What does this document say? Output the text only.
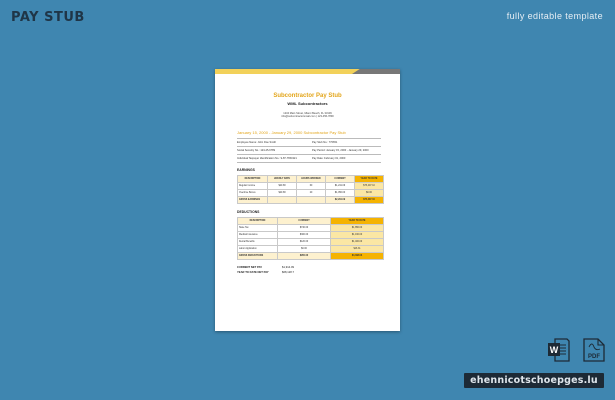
PAY STUB	fully editable template
Subcontractor Pay Stub
WML Subcontractors
1234 Main Street, Miami Beach, FL 33139
info@subcontractorsmail.com | 123-456-7890
January 15, 2000 - January 29, 2000 Subcontractor Pay Stub
Employee Name: John Doe Smith	Pay Stub No.: 770651
Social Security No.: 123-45-6789	Pay Period: January 15, 2000 - January 29, 2000
Individual Taxpayer Identification No.: 9-87-7654321	Pay Date: February 01, 2000
EARNINGS
DESCRIPTION	HOURLY RATE	HOURS WORKED	CURRENT	YEAR TO DATE
Regular Income	$20.68	60	$1,241.09	$75,407.10
Overtime Bonus	$20.68	20	$1,050.00	$0.00
GROSS EARNINGS			$2,291.09	$75,407.10
DEDUCTIONS
DESCRIPTION	CURRENT	YEAR TO DATE
State Tax	$740.00	$1,850.00
Medical Insurance	$300.00	$1,160.00
Dental Benefits	$120.00	$1,400.00
Labor Application	$0.00	$16.31
GROSS DEDUCTIONS	$950.00	$4,098.03
CURRENT NET PAY	$1,914.09
YEAR TO DATE NET PAY	$68,128.7
W
PDF
ehennicotschoepges.lu
